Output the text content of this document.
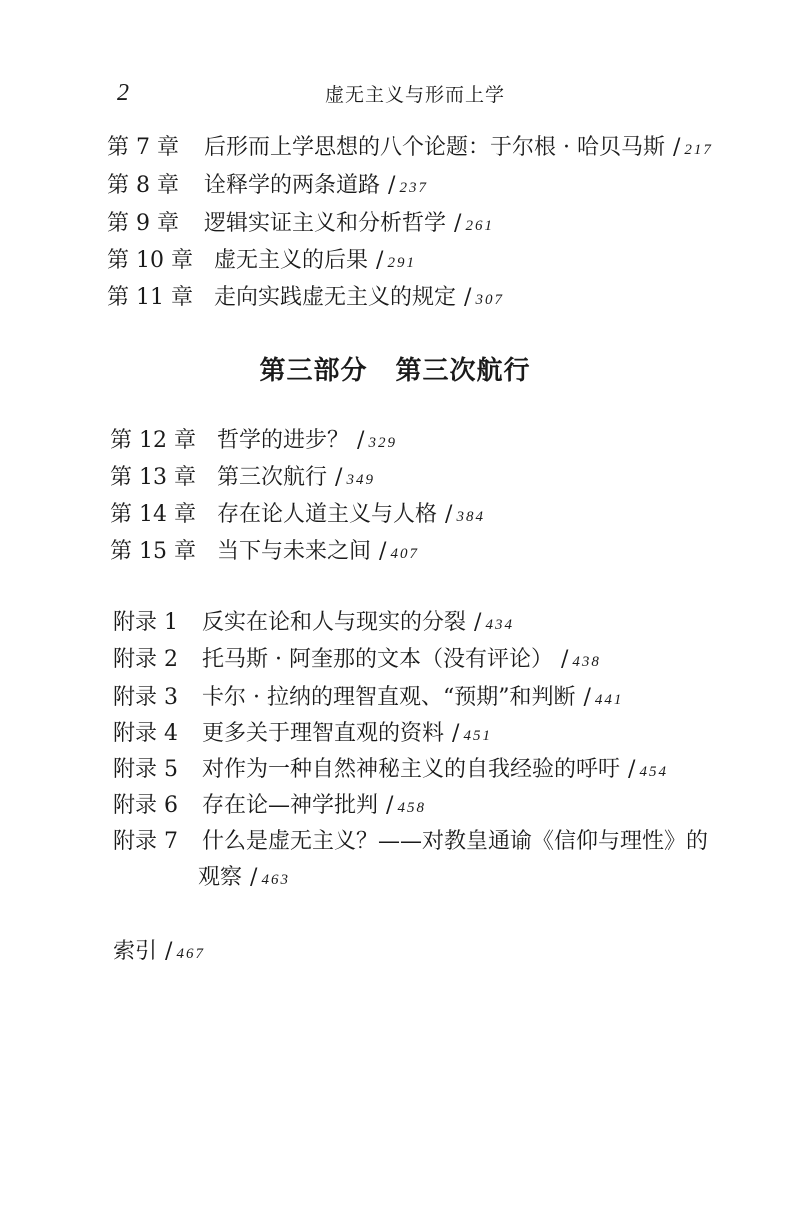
2	虚无主义与形而上学
第 7 章 后形而上学思想的八个论题：于尔根 · 哈贝马斯 / 217
第 8 章 诠释学的两条道路 / 237
第 9 章 逻辑实证主义和分析哲学 / 261
第 10 章 虚无主义的后果 / 291
第 11 章 走向实践虚无主义的规定 / 307
第三部分 第三次航行
第 12 章 哲学的进步？ / 329
第 13 章 第三次航行 / 349
第 14 章 存在论人道主义与人格 / 384
第 15 章 当下与未来之间 / 407
附录 1 反实在论和人与现实的分裂 / 434
附录 2 托马斯 · 阿奎那的文本（没有评论） / 438
附录 3 卡尔 · 拉纳的理智直观、“预期”和判断 / 441
附录 4 更多关于理智直观的资料 / 451
附录 5 对作为一种自然神秘主义的自我经验的呼吁 / 454
附录 6 存在论—神学批判 / 458
附录 7 什么是虚无主义？——对教皇通谕《信仰与理性》的
观察 / 463
索引 / 467
